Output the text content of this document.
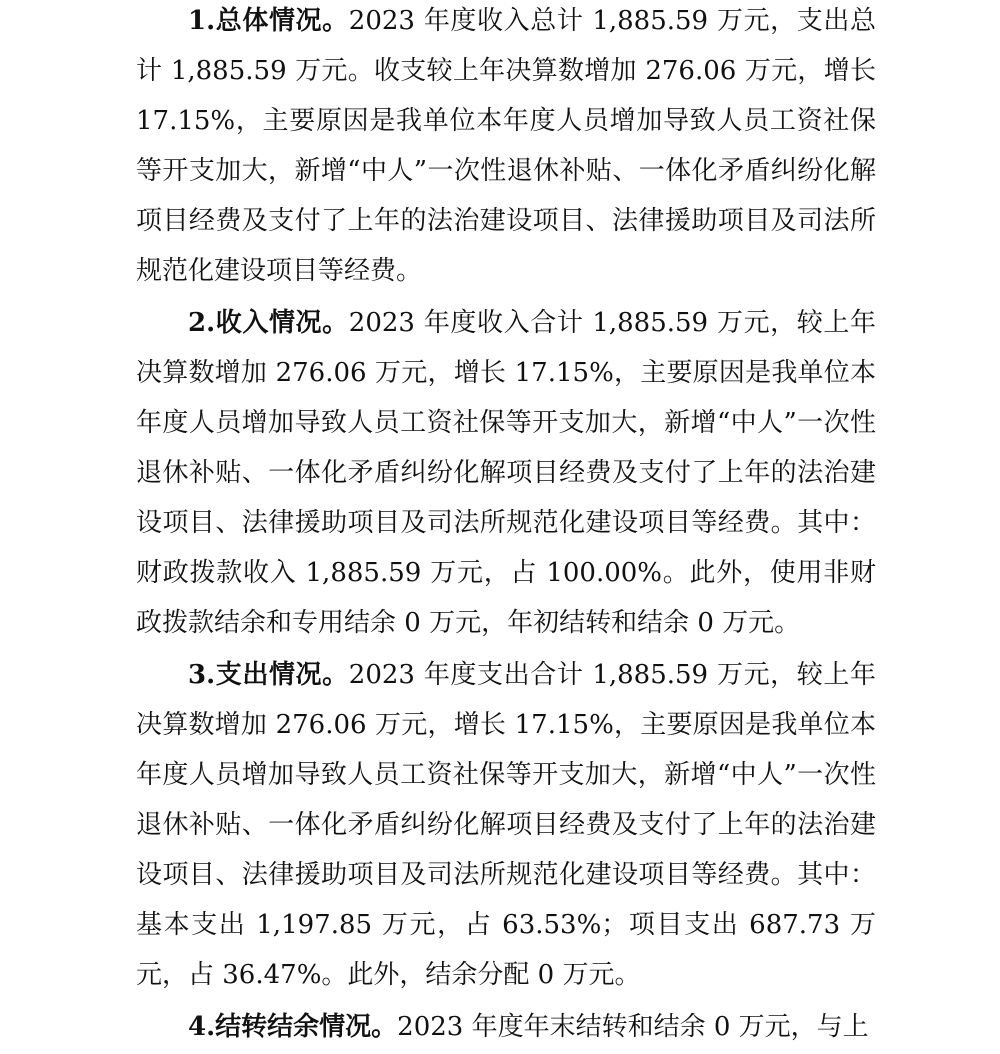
1.总体情况。2023 年度收入总计 1,885.59 万元，支出总计 1,885.59 万元。收支较上年决算数增加 276.06 万元，增长 17.15%，主要原因是我单位本年度人员增加导致人员工资社保等开支加大，新增“中人”一次性退休补贴、一体化矛盾纠纷化解项目经费及支付了上年的法治建设项目、法律援助项目及司法所规范化建设项目等经费。

2.收入情况。2023 年度收入合计 1,885.59 万元，较上年决算数增加 276.06 万元，增长 17.15%，主要原因是我单位本年度人员增加导致人员工资社保等开支加大，新增“中人”一次性退休补贴、一体化矛盾纠纷化解项目经费及支付了上年的法治建设项目、法律援助项目及司法所规范化建设项目等经费。其中：财政拨款收入 1,885.59 万元，占 100.00%。此外，使用非财政拨款结余和专用结余 0 万元，年初结转和结余 0 万元。

3.支出情况。2023 年度支出合计 1,885.59 万元，较上年决算数增加 276.06 万元，增长 17.15%，主要原因是我单位本年度人员增加导致人员工资社保等开支加大，新增“中人”一次性退休补贴、一体化矛盾纠纷化解项目经费及支付了上年的法治建设项目、法律援助项目及司法所规范化建设项目等经费。其中：基本支出 1,197.85 万元，占 63.53%；项目支出 687.73 万元，占 36.47%。此外，结余分配 0 万元。

4.结转结余情况。2023 年度年末结转和结余 0 万元，与上
